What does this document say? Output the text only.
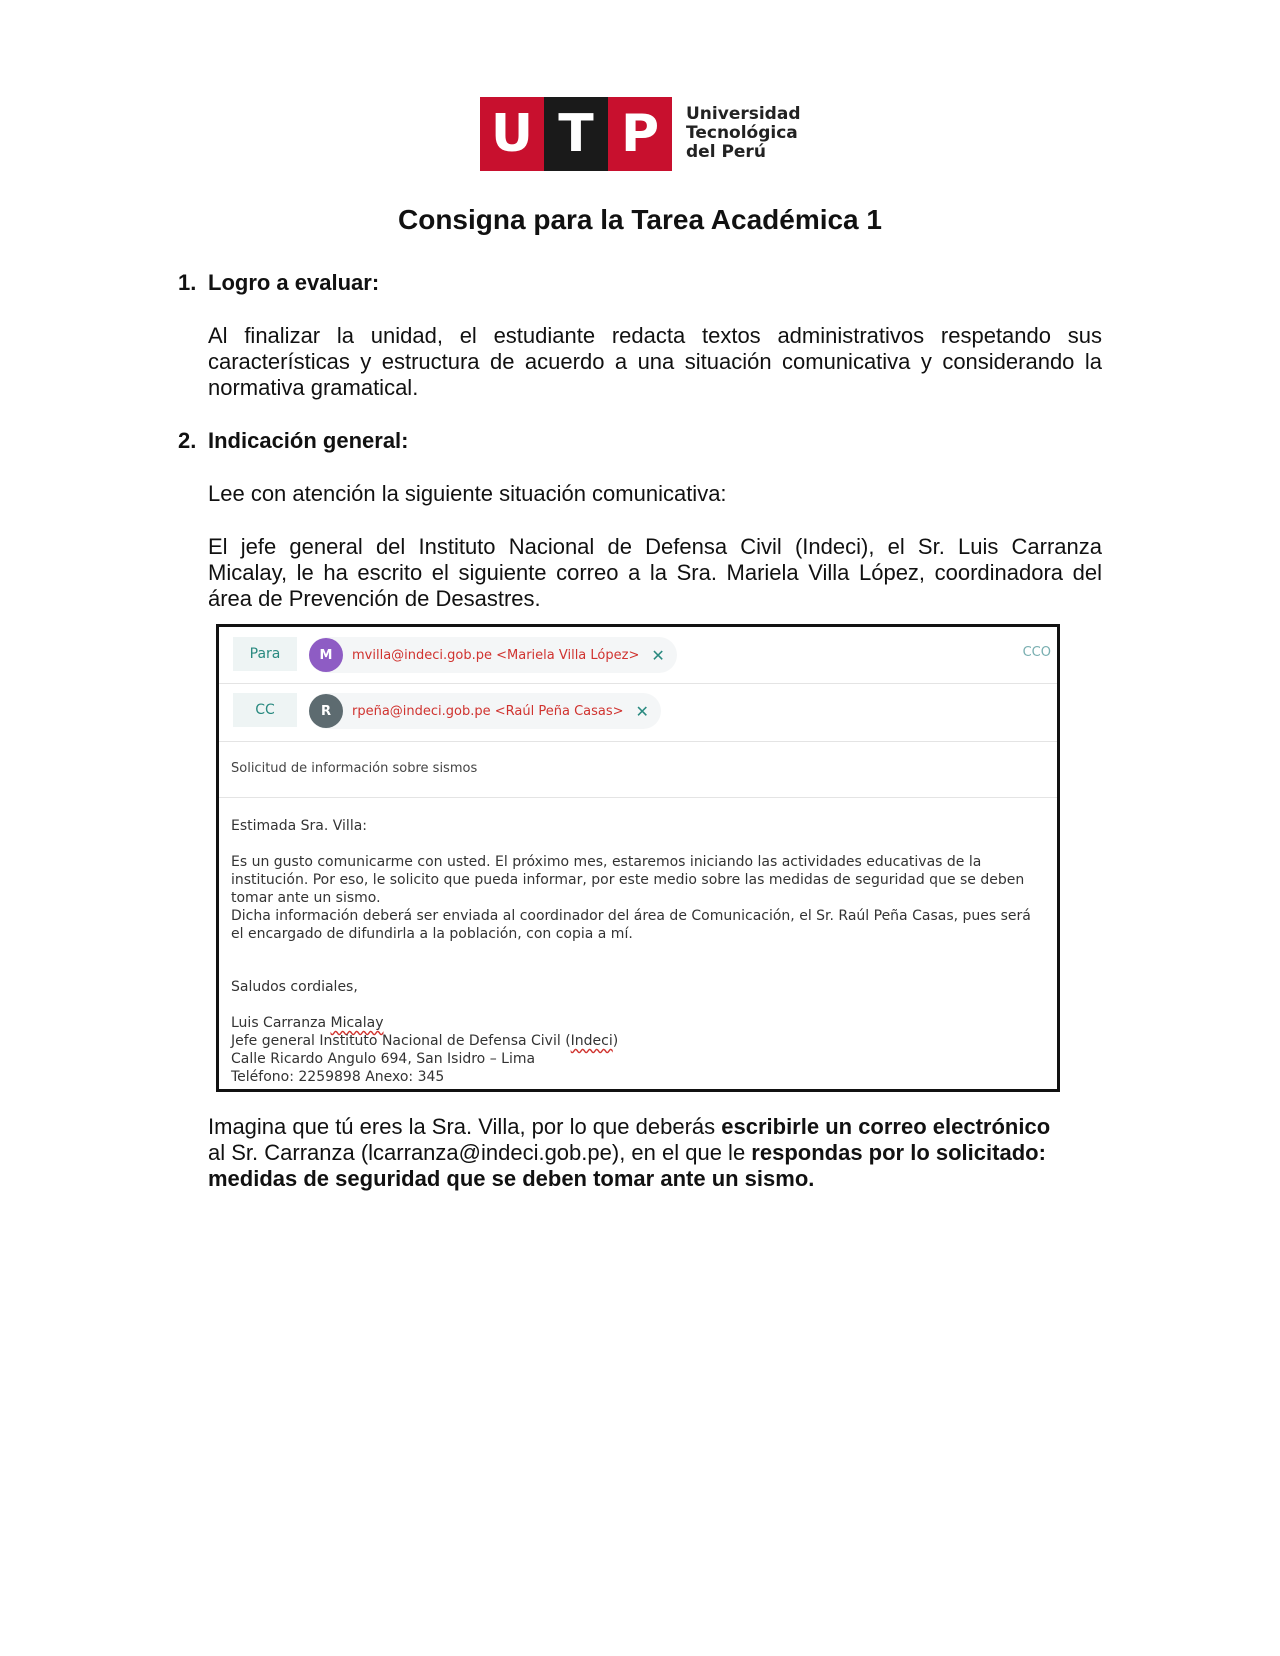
U T P	Universidad
Tecnológica
del Perú
Consigna para la Tarea Académica 1
1. Logro a evaluar:
Al finalizar la unidad, el estudiante redacta textos administrativos respetando sus
características y estructura de acuerdo a una situación comunicativa y considerando la
normativa gramatical.
2. Indicación general:
Lee con atención la siguiente situación comunicativa:
El jefe general del Instituto Nacional de Defensa Civil (Indeci), el Sr. Luis Carranza
Micalay, le ha escrito el siguiente correo a la Sra. Mariela Villa López, coordinadora del
área de Prevención de Desastres.
Para	M	mvilla@indeci.gob.pe <Mariela Villa López> ✕	CCO
CC	R	rpeña@indeci.gob.pe <Raúl Peña Casas> ✕
Solicitud de información sobre sismos
Estimada Sra. Villa:
Es un gusto comunicarme con usted. El próximo mes, estaremos iniciando las actividades educativas de la
institución. Por eso, le solicito que pueda informar, por este medio sobre las medidas de seguridad que se deben
tomar ante un sismo.
Dicha información deberá ser enviada al coordinador del área de Comunicación, el Sr. Raúl Peña Casas, pues será
el encargado de difundirla a la población, con copia a mí.
Saludos cordiales,
Luis Carranza Micalay
Jefe general Instituto Nacional de Defensa Civil (Indeci)
Calle Ricardo Angulo 694, San Isidro – Lima
Teléfono: 2259898 Anexo: 345
Imagina que tú eres la Sra. Villa, por lo que deberás escribirle un correo electrónico
al Sr. Carranza (lcarranza@indeci.gob.pe), en el que le respondas por lo solicitado:
medidas de seguridad que se deben tomar ante un sismo.
